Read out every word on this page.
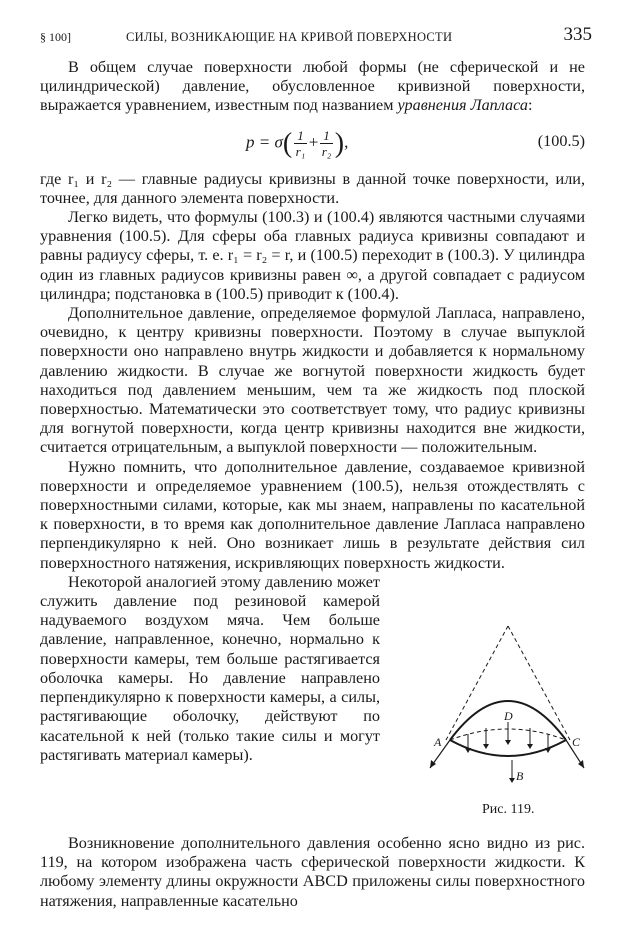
§ 100]	СИЛЫ, ВОЗНИКАЮЩИЕ НА КРИВОЙ ПОВЕРХНОСТИ	335

В общем случае поверхности любой формы (не сферической и не цилиндрической) давление, обусловленное кривизной поверхности, выражается уравнением, известным под названием уравнения Лапласа:

$p = \sigma( \frac{1}{\text{r₁}} + \frac{1}{\text{r₂}}$ ),	(100.5)

где r₁ и r₂ — главные радиусы кривизны в данной точке поверхности, или, точнее, для данного элемента поверхности.

Легко видеть, что формулы (100.3) и (100.4) являются частными случаями уравнения (100.5). Для сферы оба главных радиуса кривизны совпадают и равны радиусу сферы, т. е. r₁ = r₂ = r, и (100.5) переходит в (100.3). У цилиндра один из главных радиусов кривизны равен ∞, а другой совпадает с радиусом цилиндра; подстановка в (100.5) приводит к (100.4).

Дополнительное давление, определяемое формулой Лапласа, направлено, очевидно, к центру кривизны поверхности. Поэтому в случае выпуклой поверхности оно направлено внутрь жидкости и добавляется к нормальному давлению жидкости. В случае же вогнутой поверхности жидкость будет находиться под давлением меньшим, чем та же жидкость под плоской поверхностью. Математически это соответствует тому, что радиус кривизны для вогнутой поверхности, когда центр кривизны находится вне жидкости, считается отрицательным, а выпуклой поверхности — положительным.

Нужно помнить, что дополнительное давление, создаваемое кривизной поверхности и определяемое уравнением (100.5), нельзя отождествлять с поверхностными силами, которые, как мы знаем, направлены по касательной к поверхности, в то время как дополнительное давление Лапласа направлено перпендикулярно к ней. Оно возникает лишь в результате действия сил поверхностного натяжения, искривляющих поверхность жидкости.

Некоторой аналогией этому давлению может служить давление под резиновой камерой надуваемого воздухом мяча. Чем больше давление, направленное, конечно, нормально к поверхности камеры, тем больше растягивается оболочка камеры. Но давление направлено перпендикулярно к поверхности камеры, а силы, растягивающие оболочку, действуют по касательной к ней (только такие силы и могут растягивать материал камеры).

A	C
D
B
Рис. 119.

Возникновение дополнительного давления особенно ясно видно из рис. 119, на котором изображена часть сферической поверхности жидкости. К любому элементу длины окружности ABCD приложены силы поверхностного натяжения, направленные касательно
